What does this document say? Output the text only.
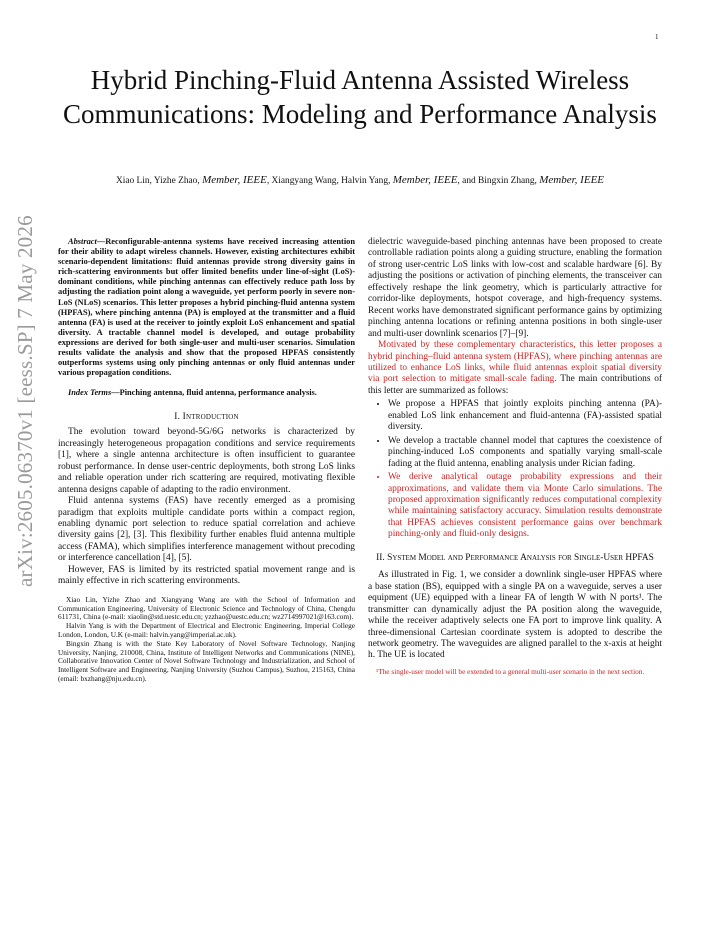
1
arXiv:2605.06370v1 [eess.SP] 7 May 2026
Hybrid Pinching-Fluid Antenna Assisted Wireless Communications: Modeling and Performance Analysis
Xiao Lin, Yizhe Zhao, Member, IEEE, Xiangyang Wang, Halvin Yang, Member, IEEE, and Bingxin Zhang, Member, IEEE

Abstract—Reconfigurable-antenna systems have received increasing attention for their ability to adapt wireless channels. However, existing architectures exhibit scenario-dependent limitations: fluid antennas provide strong diversity gains in rich-scattering environments but offer limited benefits under line-of-sight (LoS)-dominant conditions, while pinching antennas can effectively reduce path loss by adjusting the radiation point along a waveguide, yet perform poorly in severe non-LoS (NLoS) scenarios. This letter proposes a hybrid pinching-fluid antenna system (HPFAS), where pinching antenna (PA) is employed at the transmitter and a fluid antenna (FA) is used at the receiver to jointly exploit LoS enhancement and spatial diversity. A tractable channel model is developed, and outage probability expressions are derived for both single-user and multi-user scenarios. Simulation results validate the analysis and show that the proposed HPFAS consistently outperforms systems using only pinching antennas or only fluid antennas under various propagation conditions.

Index Terms—Pinching antenna, fluid antenna, performance analysis.

I. Introduction

The evolution toward beyond-5G/6G networks is characterized by increasingly heterogeneous propagation conditions and service requirements [1], where a single antenna architecture is often insufficient to guarantee robust performance. In dense user-centric deployments, both strong LoS links and reliable operation under rich scattering are required, motivating flexible antenna designs capable of adapting to the radio environment.

Fluid antenna systems (FAS) have recently emerged as a promising paradigm that exploits multiple candidate ports within a compact region, enabling dynamic port selection to reduce spatial correlation and achieve diversity gains [2], [3]. This flexibility further enables fluid antenna multiple access (FAMA), which simplifies interference management without precoding or interference cancellation [4], [5].

However, FAS is limited by its restricted spatial movement range and is mainly effective in rich scattering environments.

Xiao Lin, Yizhe Zhao and Xiangyang Wang are with the School of Information and Communication Engineering, University of Electronic Science and Technology of China, Chengdu 611731, China (e-mail: xiaolin@std.uestc.edu.cn; yzzhao@uestc.edu.cn; wz2714997021@163.com).

Halvin Yang is with the Department of Electrical and Electronic Engineering, Imperial College London, London, U.K (e-mail: halvin.yang@imperial.ac.uk).

Bingxin Zhang is with the State Key Laboratory of Novel Software Technology, Nanjing University, Nanjing, 210008, China, Institute of Intelligent Networks and Communications (NINE), Collaborative Innovation Center of Novel Software Technology and Industrialization, and School of Intelligent Software and Engineering, Nanjing University (Suzhou Campus), Suzhou, 215163, China (email: bxzhang@nju.edu.cn).

dielectric waveguide-based pinching antennas have been proposed to create controllable radiation points along a guiding structure, enabling the formation of strong user-centric LoS links with low-cost and scalable hardware [6]. By adjusting the positions or activation of pinching elements, the transceiver can effectively reshape the link geometry, which is particularly attractive for corridor-like deployments, hotspot coverage, and high-frequency systems. Recent works have demonstrated significant performance gains by optimizing pinching antenna locations or refining antenna positions in both single-user and multi-user downlink scenarios [7]–[9].

Motivated by these complementary characteristics, this letter proposes a hybrid pinching–fluid antenna system (HPFAS), where pinching antennas are utilized to enhance LoS links, while fluid antennas exploit spatial diversity via port selection to mitigate small-scale fading. The main contributions of this letter are summarized as follows:

• We propose a HPFAS that jointly exploits pinching antenna (PA)-enabled LoS link enhancement and fluid-antenna (FA)-assisted spatial diversity.
• We develop a tractable channel model that captures the coexistence of pinching-induced LoS components and spatially varying small-scale fading at the fluid antenna, enabling analysis under Rician fading.
• We derive analytical outage probability expressions and their approximations, and validate them via Monte Carlo simulations. The proposed approximation significantly reduces computational complexity while maintaining satisfactory accuracy. Simulation results demonstrate that HPFAS achieves consistent performance gains over benchmark pinching-only and fluid-only designs.
II. System Model and Performance Analysis for Single-User HPFAS

As illustrated in Fig. 1, we consider a downlink single-user HPFAS where a base station (BS), equipped with a single PA on a waveguide, serves a user equipment (UE) equipped with a linear FA of length W with N ports¹. The transmitter can dynamically adjust the PA position along the waveguide, while the receiver adaptively selects one FA port to improve link quality. A three-dimensional Cartesian coordinate system is adopted to describe the network geometry. The waveguides are aligned parallel to the x-axis at height h. The UE is located

¹The single-user model will be extended to a general multi-user scenario in the next section.
